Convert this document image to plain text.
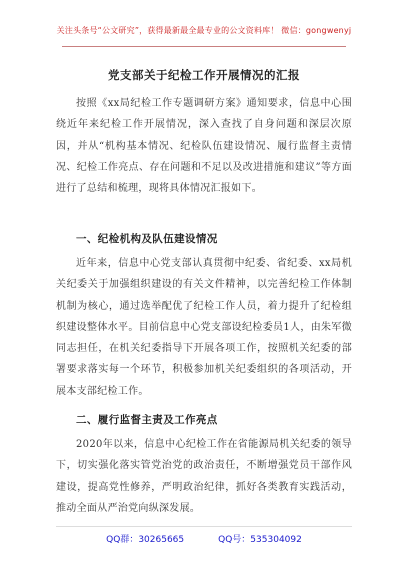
关注头条号“公文研究”，获得最新最全最专业的公文资料库！ 微信：gongwenyj
党支部关于纪检工作开展情况的汇报

按照《xx局纪检工作专题调研方案》通知要求，信息中心围绕近年来纪检工作开展情况，深入查找了自身问题和深层次原因，并从“机构基本情况、纪检队伍建设情况、履行监督主责情况、纪检工作亮点、存在问题和不足以及改进措施和建议”等方面进行了总结和梳理，现将具体情况汇报如下。

一、纪检机构及队伍建设情况

近年来，信息中心党支部认真贯彻中纪委、省纪委、xx局机关纪委关于加强组织建设的有关文件精神，以完善纪检工作体制机制为核心，通过选举配优了纪检工作人员，着力提升了纪检组织建设整体水平。目前信息中心党支部设纪检委员1人，由朱军微同志担任，在机关纪委指导下开展各项工作，按照机关纪委的部署要求落实每一个环节，积极参加机关纪委组织的各项活动，开展本支部纪检工作。

二、履行监督主责及工作亮点

2020年以来，信息中心纪检工作在省能源局机关纪委的领导下，切实强化落实管党治党的政治责任，不断增强党员干部作风建设，提高党性修养，严明政治纪律，抓好各类教育实践活动，推动全面从严治党向纵深发展。

QQ群：30265665	QQ号：535304092
